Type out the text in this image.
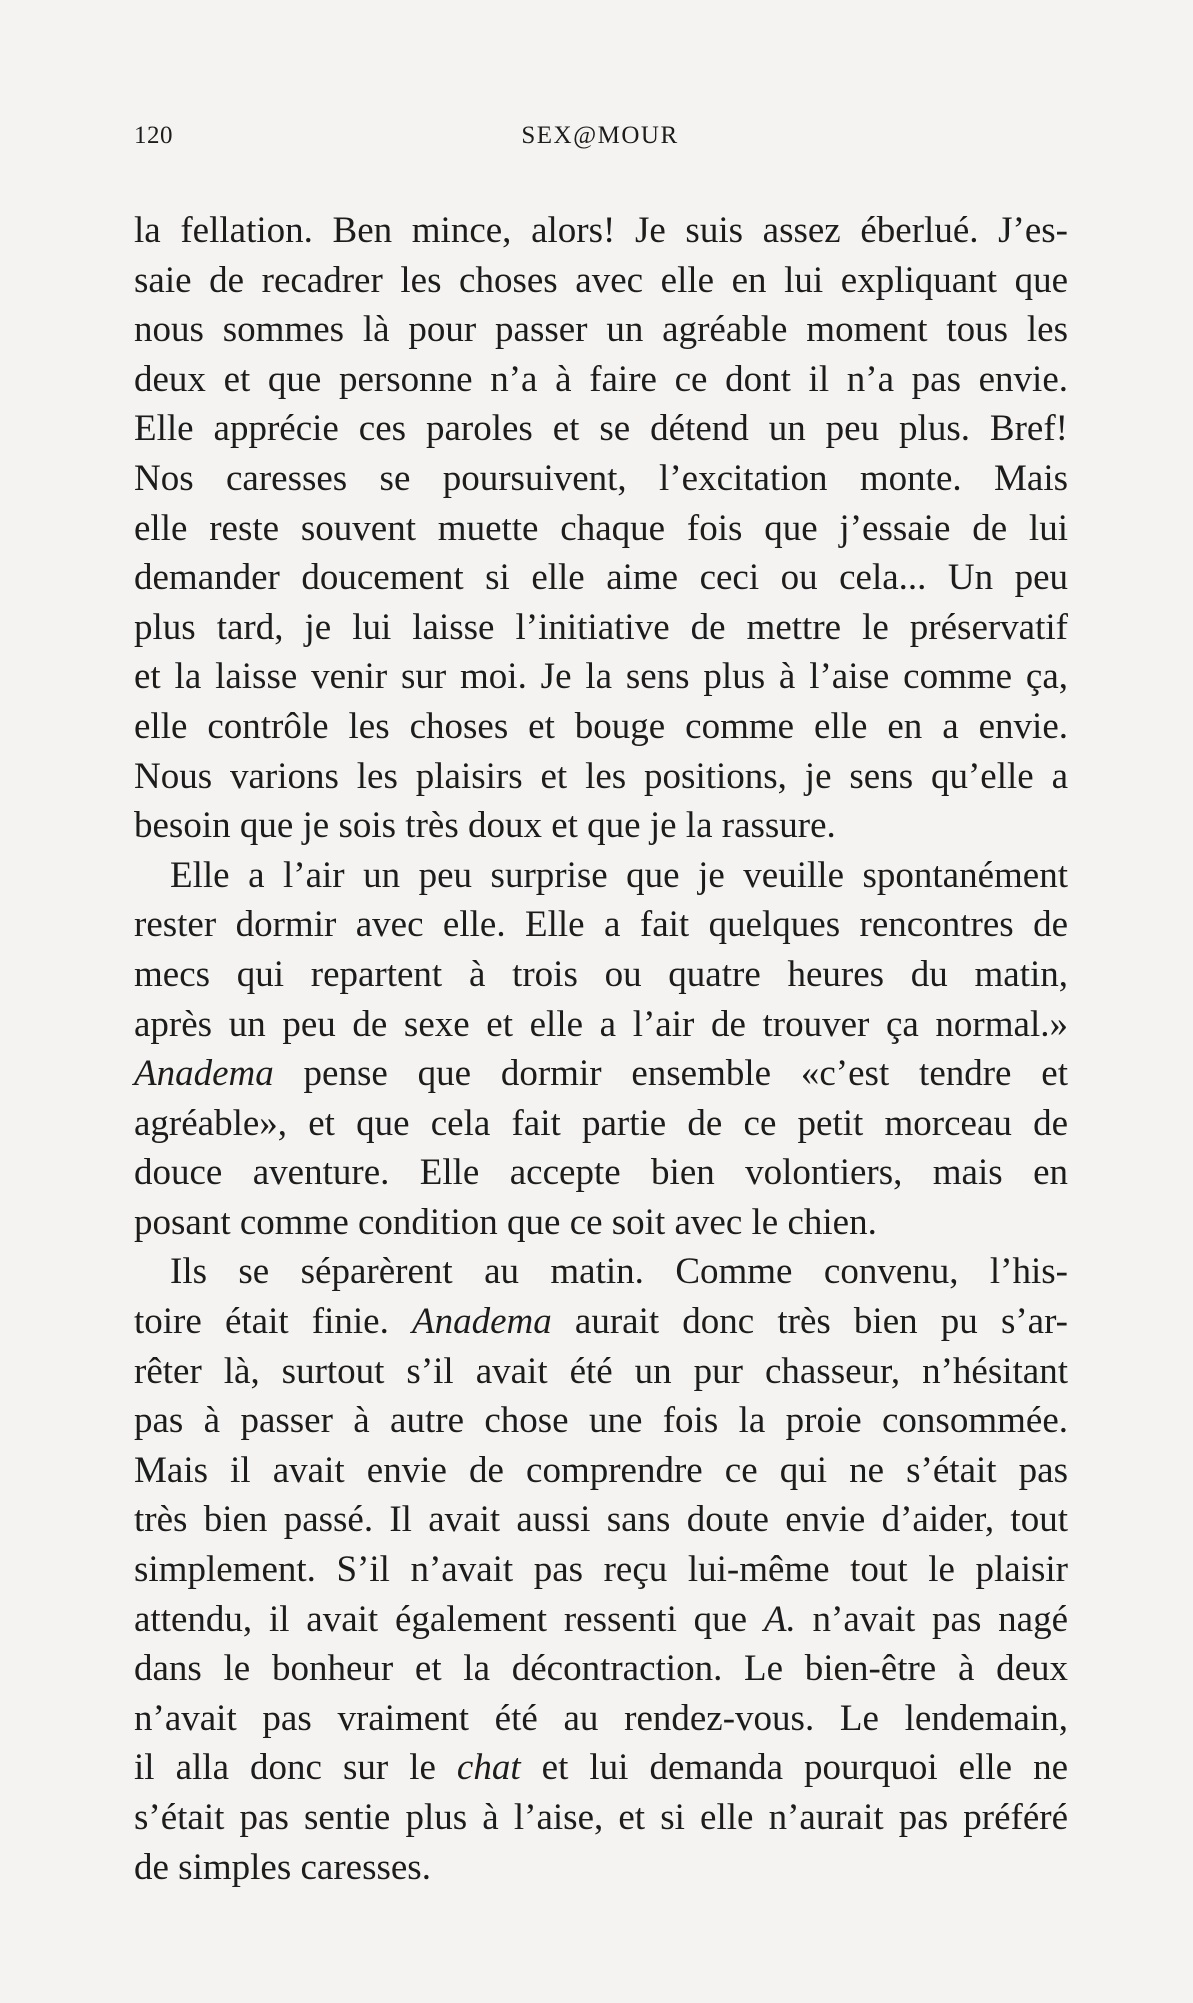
120	SEX@MOUR
la fellation. Ben mince, alors! Je suis assez éberlué. J’es-
saie de recadrer les choses avec elle en lui expliquant que
nous sommes là pour passer un agréable moment tous les
deux et que personne n’a à faire ce dont il n’a pas envie.
Elle apprécie ces paroles et se détend un peu plus. Bref!
Nos caresses se poursuivent, l’excitation monte. Mais
elle reste souvent muette chaque fois que j’essaie de lui
demander doucement si elle aime ceci ou cela... Un peu
plus tard, je lui laisse l’initiative de mettre le préservatif
et la laisse venir sur moi. Je la sens plus à l’aise comme ça,
elle contrôle les choses et bouge comme elle en a envie.
Nous varions les plaisirs et les positions, je sens qu’elle a
besoin que je sois très doux et que je la rassure.
Elle a l’air un peu surprise que je veuille spontanément
rester dormir avec elle. Elle a fait quelques rencontres de
mecs qui repartent à trois ou quatre heures du matin,
après un peu de sexe et elle a l’air de trouver ça normal.»
Anadema pense que dormir ensemble «c’est tendre et
agréable», et que cela fait partie de ce petit morceau de
douce aventure. Elle accepte bien volontiers, mais en
posant comme condition que ce soit avec le chien.
Ils se séparèrent au matin. Comme convenu, l’his-
toire était finie. Anadema aurait donc très bien pu s’ar-
rêter là, surtout s’il avait été un pur chasseur, n’hésitant
pas à passer à autre chose une fois la proie consommée.
Mais il avait envie de comprendre ce qui ne s’était pas
très bien passé. Il avait aussi sans doute envie d’aider, tout
simplement. S’il n’avait pas reçu lui-même tout le plaisir
attendu, il avait également ressenti que A. n’avait pas nagé
dans le bonheur et la décontraction. Le bien-être à deux
n’avait pas vraiment été au rendez-vous. Le lendemain,
il alla donc sur le chat et lui demanda pourquoi elle ne
s’était pas sentie plus à l’aise, et si elle n’aurait pas préféré
de simples caresses.
